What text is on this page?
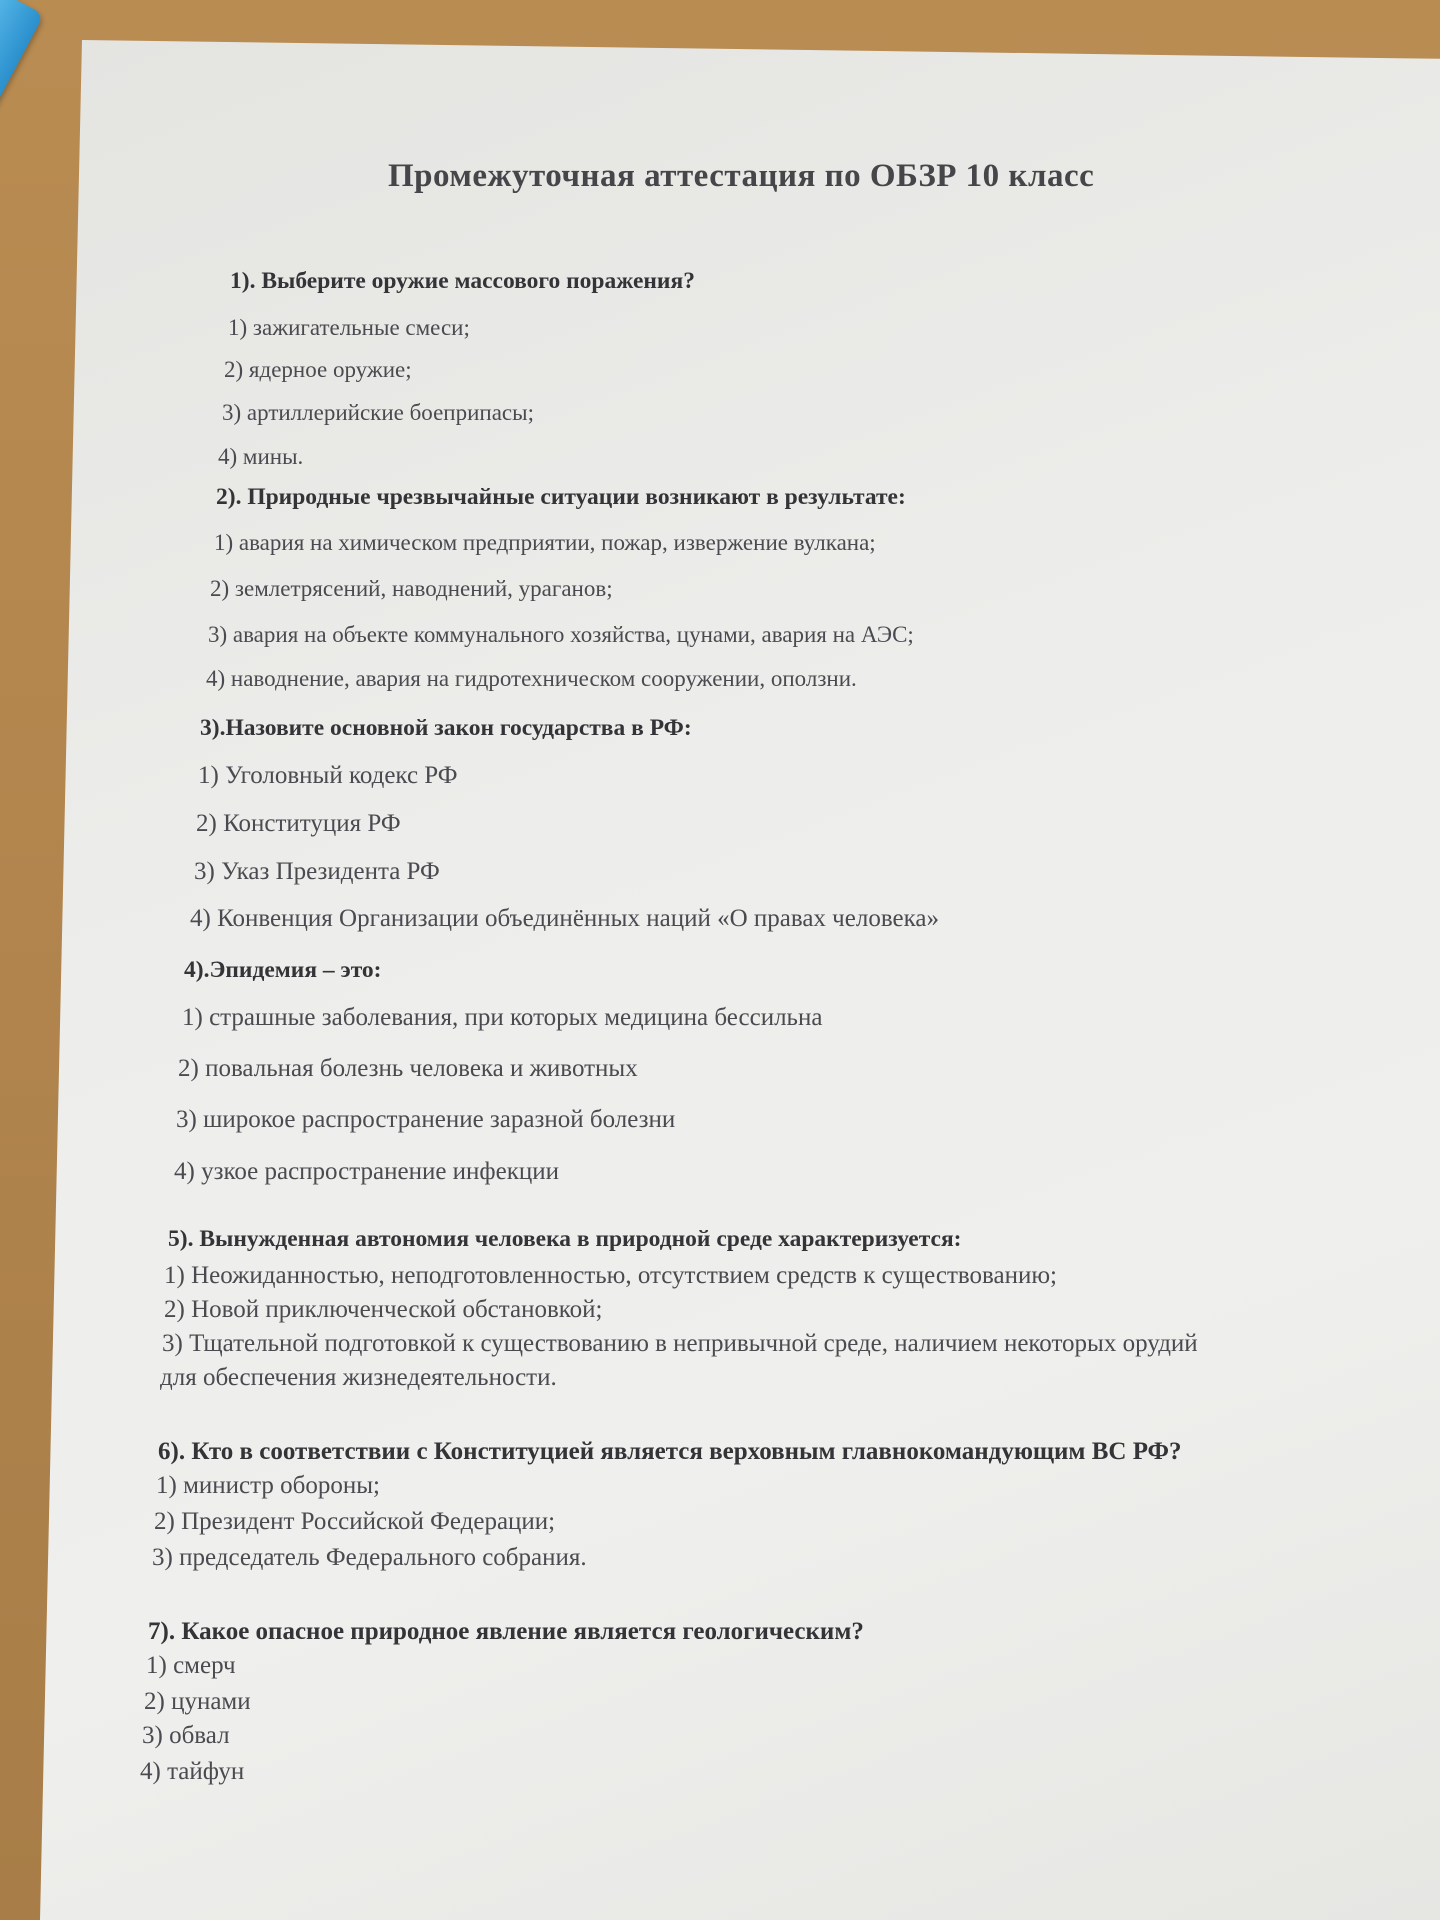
Промежуточная аттестация по ОБЗР 10 класс
1). Выберите оружие массового поражения?
1) зажигательные смеси;
2) ядерное оружие;
3) артиллерийские боеприпасы;
4) мины.
2). Природные чрезвычайные ситуации возникают в результате:
1) авария на химическом предприятии, пожар, извержение вулкана;
2) землетрясений, наводнений, ураганов;
3) авария на объекте коммунального хозяйства, цунами, авария на АЭС;
4) наводнение, авария на гидротехническом сооружении, оползни.
3).Назовите основной закон государства в РФ:
1) Уголовный кодекс РФ
2) Конституция РФ
3) Указ Президента РФ
4) Конвенция Организации объединённых наций «О правах человека»
4).Эпидемия – это:
1) страшные заболевания, при которых медицина бессильна
2) повальная болезнь человека и животных
3) широкое распространение заразной болезни
4) узкое распространение инфекции
5). Вынужденная автономия человека в природной среде характеризуется:
1) Неожиданностью, неподготовленностью, отсутствием средств к существованию;
2) Новой приключенческой обстановкой;
3) Тщательной подготовкой к существованию в непривычной среде, наличием некоторых орудий
для обеспечения жизнедеятельности.
6). Кто в соответствии с Конституцией является верховным главнокомандующим ВС РФ?
1) министр обороны;
2) Президент Российской Федерации;
3) председатель Федерального собрания.
7). Какое опасное природное явление является геологическим?
1) смерч
2) цунами
3) обвал
4) тайфун
